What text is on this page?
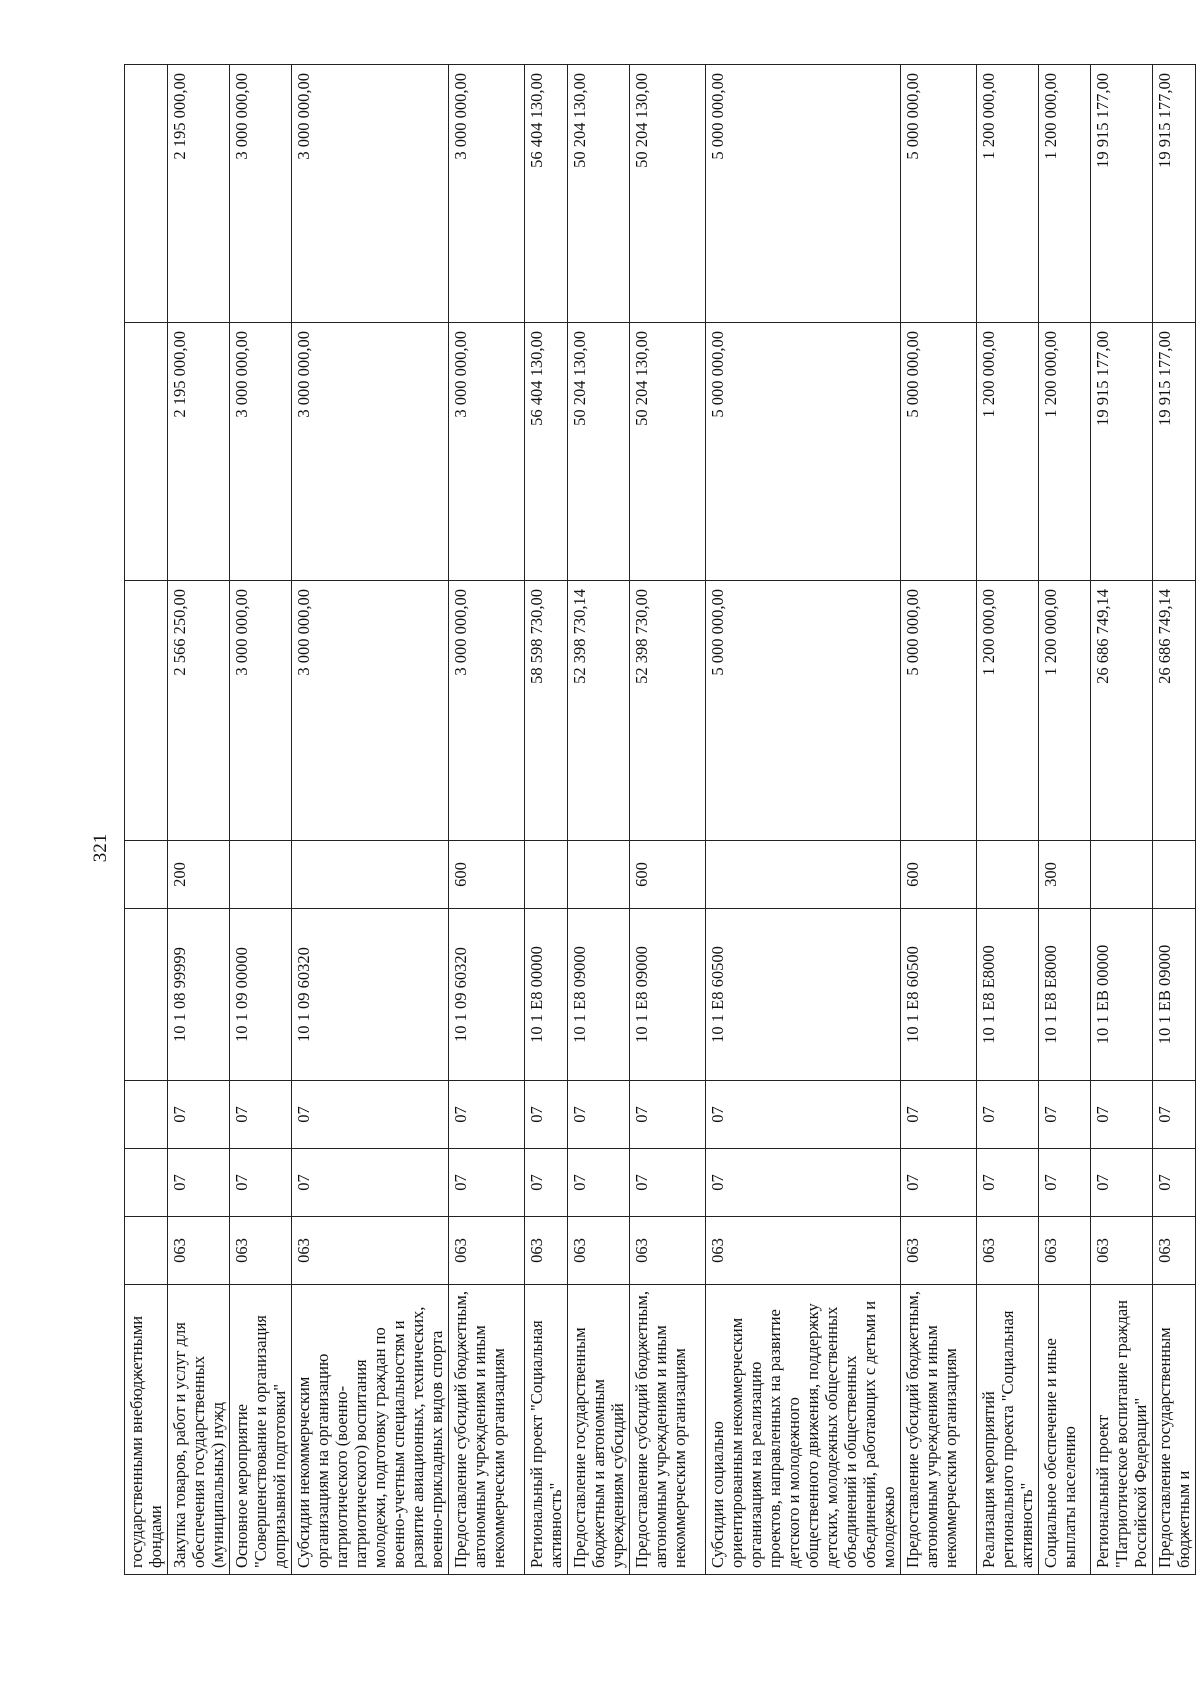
321
государственными внебюджетными фондами								
Закупка товаров, работ и услуг для обеспечения государственных (муниципальных) нужд	063	07	07	10 1 08 99999	200	2 566 250,00	2 195 000,00	2 195 000,00
Основное мероприятие "Совершенствование и организация допризывной подготовки"	063	07	07	10 1 09 00000		3 000 000,00	3 000 000,00	3 000 000,00
Субсидии некоммерческим организациям на организацию патриотического (военно-патриотического) воспитания молодежи, подготовку граждан по военно-учетным специальностям и развитие авиационных, технических, военно-прикладных видов спорта	063	07	07	10 1 09 60320		3 000 000,00	3 000 000,00	3 000 000,00
Предоставление субсидий бюджетным, автономным учреждениям и иным некоммерческим организациям	063	07	07	10 1 09 60320	600	3 000 000,00	3 000 000,00	3 000 000,00
Региональный проект "Социальная активность"	063	07	07	10 1 E8 00000		58 598 730,00	56 404 130,00	56 404 130,00
Предоставление государственным бюджетным и автономным учреждениям субсидий	063	07	07	10 1 E8 09000		52 398 730,14	50 204 130,00	50 204 130,00
Предоставление субсидий бюджетным, автономным учреждениям и иным некоммерческим организациям	063	07	07	10 1 E8 09000	600	52 398 730,00	50 204 130,00	50 204 130,00
Субсидии социально ориентированным некоммерческим организациям на реализацию проектов, направленных на развитие детского и молодежного общественного движения, поддержку детских, молодежных общественных объединений и общественных объединений, работающих с детьми и молодежью	063	07	07	10 1 E8 60500		5 000 000,00	5 000 000,00	5 000 000,00
Предоставление субсидий бюджетным, автономным учреждениям и иным некоммерческим организациям	063	07	07	10 1 E8 60500	600	5 000 000,00	5 000 000,00	5 000 000,00
Реализация мероприятий регионального проекта "Социальная активность"	063	07	07	10 1 E8 E8000		1 200 000,00	1 200 000,00	1 200 000,00
Социальное обеспечение и иные выплаты населению	063	07	07	10 1 E8 E8000	300	1 200 000,00	1 200 000,00	1 200 000,00
Региональный проект "Патриотическое воспитание граждан Российской Федерации"	063	07	07	10 1 EB 00000		26 686 749,14	19 915 177,00	19 915 177,00
Предоставление государственным бюджетным и	063	07	07	10 1 EB 09000		26 686 749,14	19 915 177,00	19 915 177,00
